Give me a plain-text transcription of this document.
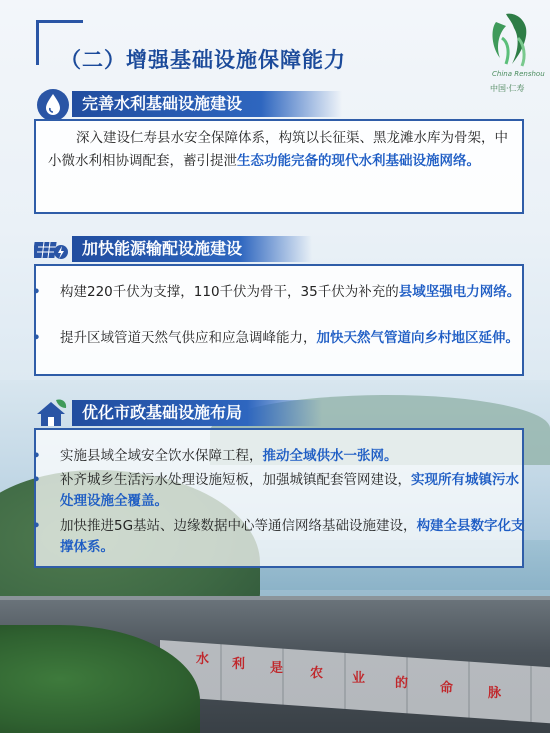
水 利 是 农 业 的 命	脉
（二）增强基础设施保障能力
China Renshou
中国·仁寿
完善水利基础设施建设
深入建设仁寿县水安全保障体系，构筑以长征渠、黑龙滩水库为骨架，中小微水利相协调配套，蓄引提泄生态功能完备的现代水利基础设施网络。
加快能源输配设施建设
• 构建220千伏为支撑，110千伏为骨干，35千伏为补充的县域坚强电力网络。
• 提升区域管道天然气供应和应急调峰能力，加快天然气管道向乡村地区延伸。
优化市政基础设施布局
• 实施县域全域安全饮水保障工程，推动全域供水一张网。
• 补齐城乡生活污水处理设施短板，加强城镇配套管网建设，实现所有城镇污水处理设施全覆盖。
• 加快推进5G基站、边缘数据中心等通信网络基础设施建设，构建全县数字化支撑体系。
